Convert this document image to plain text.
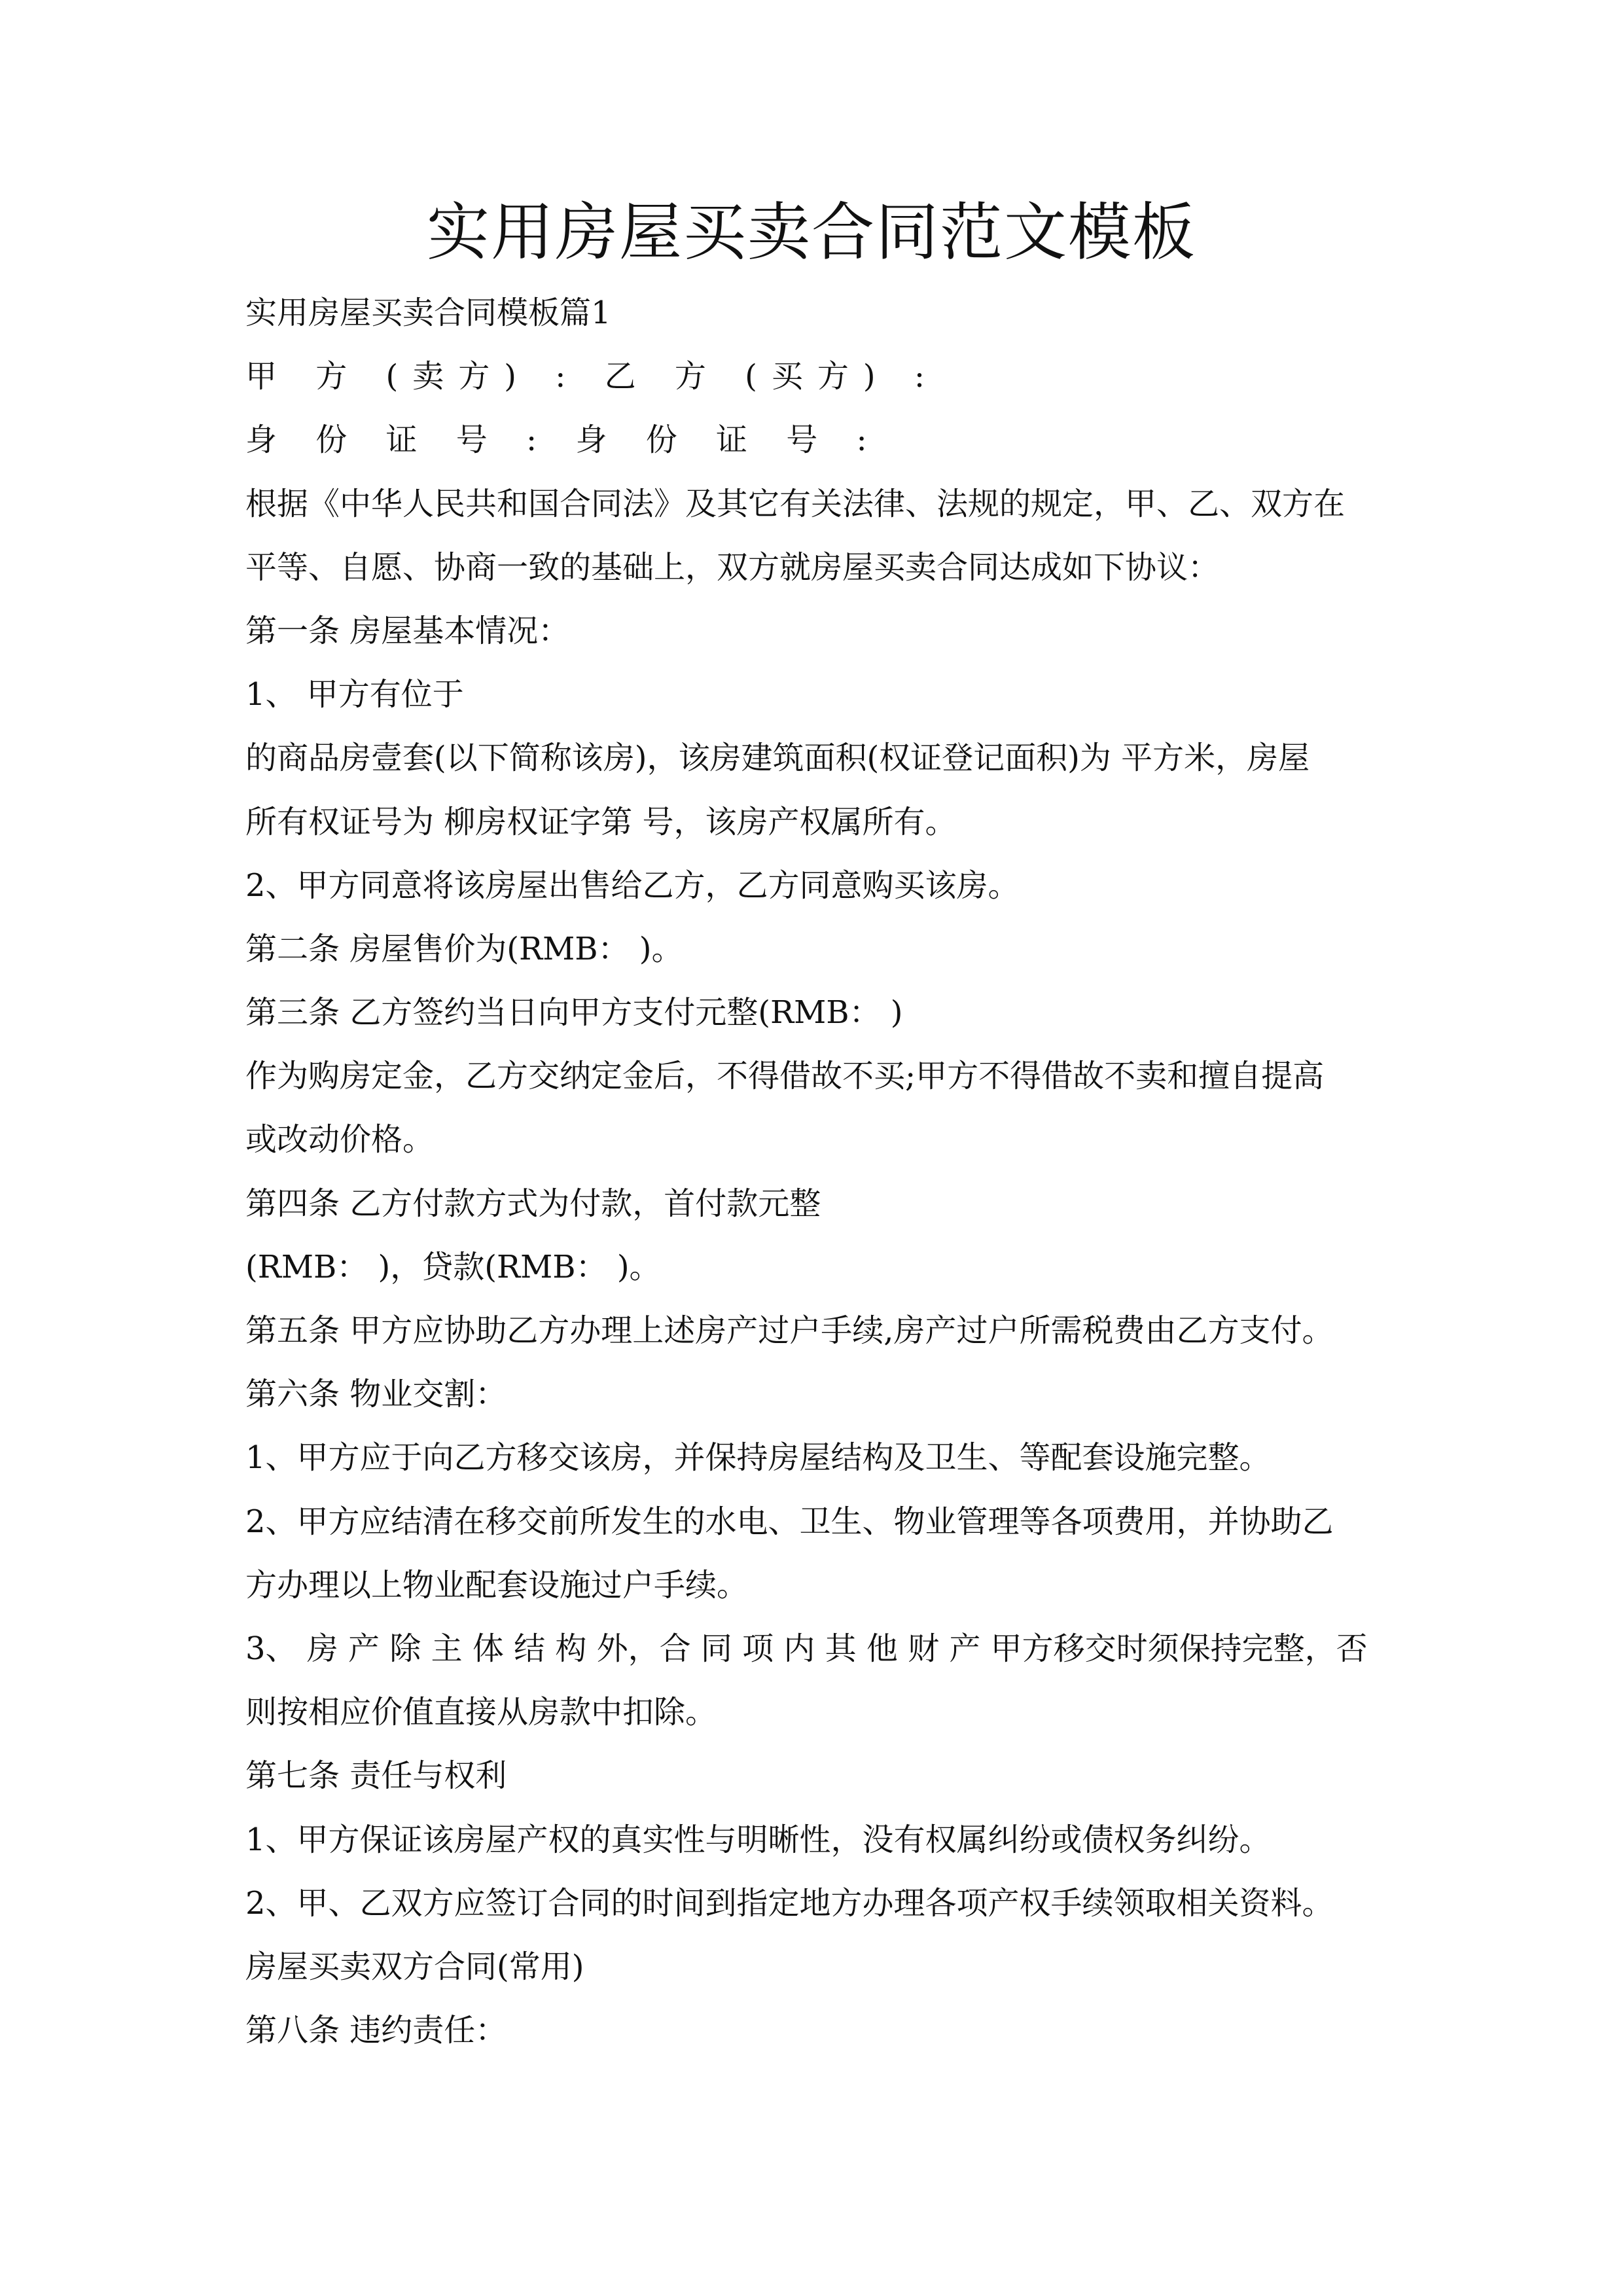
实用房屋买卖合同范文模板

实用房屋买卖合同模板篇1

甲 方 (卖方) : 乙 方 (买方) :

身 份 证 号 : 身 份 证 号 :

根据《中华人民共和国合同法》及其它有关法律、法规的规定，甲、乙、双方在

平等、自愿、协商一致的基础上，双方就房屋买卖合同达成如下协议：

第一条 房屋基本情况：

1、 甲方有位于

的商品房壹套(以下简称该房)，该房建筑面积(权证登记面积)为 平方米，房屋

所有权证号为 柳房权证字第 号，该房产权属所有。

2、甲方同意将该房屋出售给乙方，乙方同意购买该房。

第二条 房屋售价为(RMB： )。

第三条 乙方签约当日向甲方支付元整(RMB： )

作为购房定金，乙方交纳定金后，不得借故不买;甲方不得借故不卖和擅自提高

或改动价格。

第四条 乙方付款方式为付款，首付款元整

(RMB： )，贷款(RMB： )。

第五条 甲方应协助乙方办理上述房产过户手续,房产过户所需税费由乙方支付。

第六条 物业交割：

1、甲方应于向乙方移交该房，并保持房屋结构及卫生、等配套设施完整。

2、甲方应结清在移交前所发生的水电、卫生、物业管理等各项费用，并协助乙

方办理以上物业配套设施过户手续。

3、 房 产 除 主 体 结 构 外，合 同 项 内 其 他 财 产 甲方移交时须保持完整，否

则按相应价值直接从房款中扣除。

第七条 责任与权利

1、甲方保证该房屋产权的真实性与明晰性，没有权属纠纷或债权务纠纷。

2、甲、乙双方应签订合同的时间到指定地方办理各项产权手续领取相关资料。

房屋买卖双方合同(常用)

第八条 违约责任：
